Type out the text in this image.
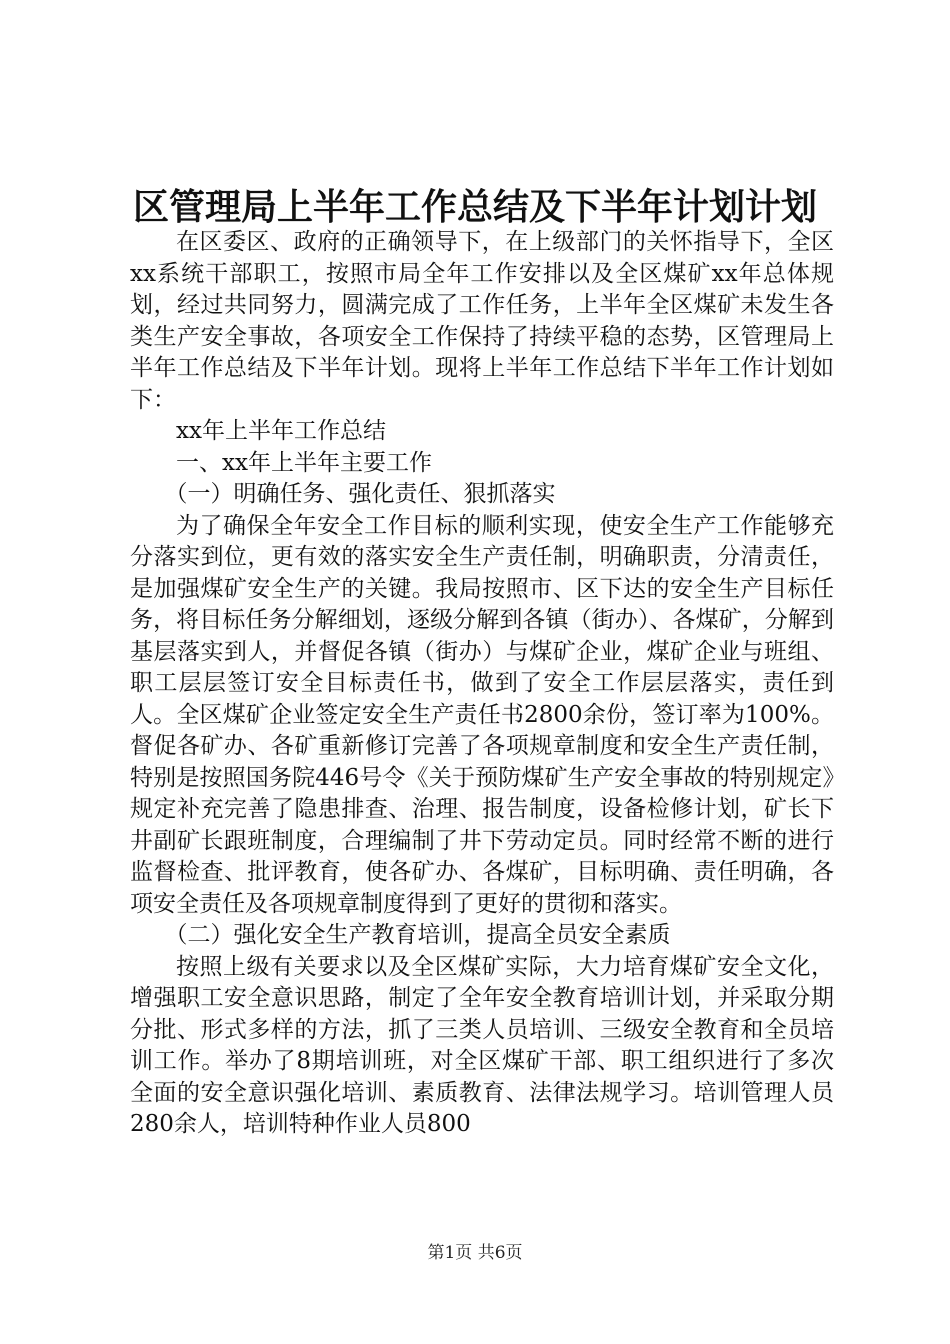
区管理局上半年工作总结及下半年计划计划

在区委区、政府的正确领导下，在上级部门的关怀指导下，全区xx系统干部职工，按照市局全年工作安排以及全区煤矿xx年总体规划，经过共同努力，圆满完成了工作任务，上半年全区煤矿未发生各类生产安全事故，各项安全工作保持了持续平稳的态势，区管理局上半年工作总结及下半年计划。现将上半年工作总结下半年工作计划如下：

xx年上半年工作总结

一、xx年上半年主要工作

（一）明确任务、强化责任、狠抓落实

为了确保全年安全工作目标的顺利实现，使安全生产工作能够充分落实到位，更有效的落实安全生产责任制，明确职责，分清责任，是加强煤矿安全生产的关键。我局按照市、区下达的安全生产目标任务，将目标任务分解细划，逐级分解到各镇（街办）、各煤矿，分解到基层落实到人，并督促各镇（街办）与煤矿企业，煤矿企业与班组、职工层层签订安全目标责任书，做到了安全工作层层落实，责任到人。全区煤矿企业签定安全生产责任书2800余份，签订率为100%。督促各矿办、各矿重新修订完善了各项规章制度和安全生产责任制，特别是按照国务院446号令《关于预防煤矿生产安全事故的特别规定》规定补充完善了隐患排查、治理、报告制度，设备检修计划，矿长下井副矿长跟班制度，合理编制了井下劳动定员。同时经常不断的进行监督检查、批评教育，使各矿办、各煤矿，目标明确、责任明确，各项安全责任及各项规章制度得到了更好的贯彻和落实。

（二）强化安全生产教育培训，提高全员安全素质

按照上级有关要求以及全区煤矿实际，大力培育煤矿安全文化，增强职工安全意识思路，制定了全年安全教育培训计划，并采取分期分批、形式多样的方法，抓了三类人员培训、三级安全教育和全员培训工作。举办了8期培训班，对全区煤矿干部、职工组织进行了多次全面的安全意识强化培训、素质教育、法律法规学习。培训管理人员280余人，培训特种作业人员800

第1页 共6页
